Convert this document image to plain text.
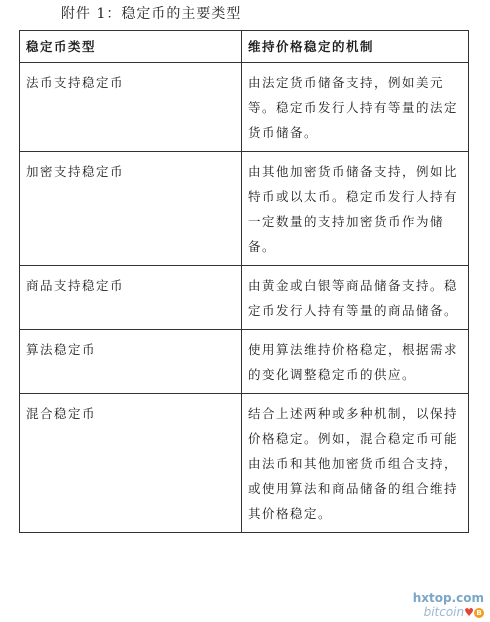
附件 1：稳定币的主要类型
稳定币类型	维持价格稳定的机制
法币支持稳定币	由法定货币储备支持，例如美元等。稳定币发行人持有等量的法定货币储备。
加密支持稳定币	由其他加密货币储备支持，例如比特币或以太币。稳定币发行人持有一定数量的支持加密货币作为储备。
商品支持稳定币	由黄金或白银等商品储备支持。稳定币发行人持有等量的商品储备。
算法稳定币	使用算法维持价格稳定，根据需求的变化调整稳定币的供应。
混合稳定币	结合上述两种或多种机制，以保持价格稳定。例如，混合稳定币可能由法币和其他加密货币组合支持，或使用算法和商品储备的组合维持其价格稳定。
hxtop.com
bitcoin♥ B
